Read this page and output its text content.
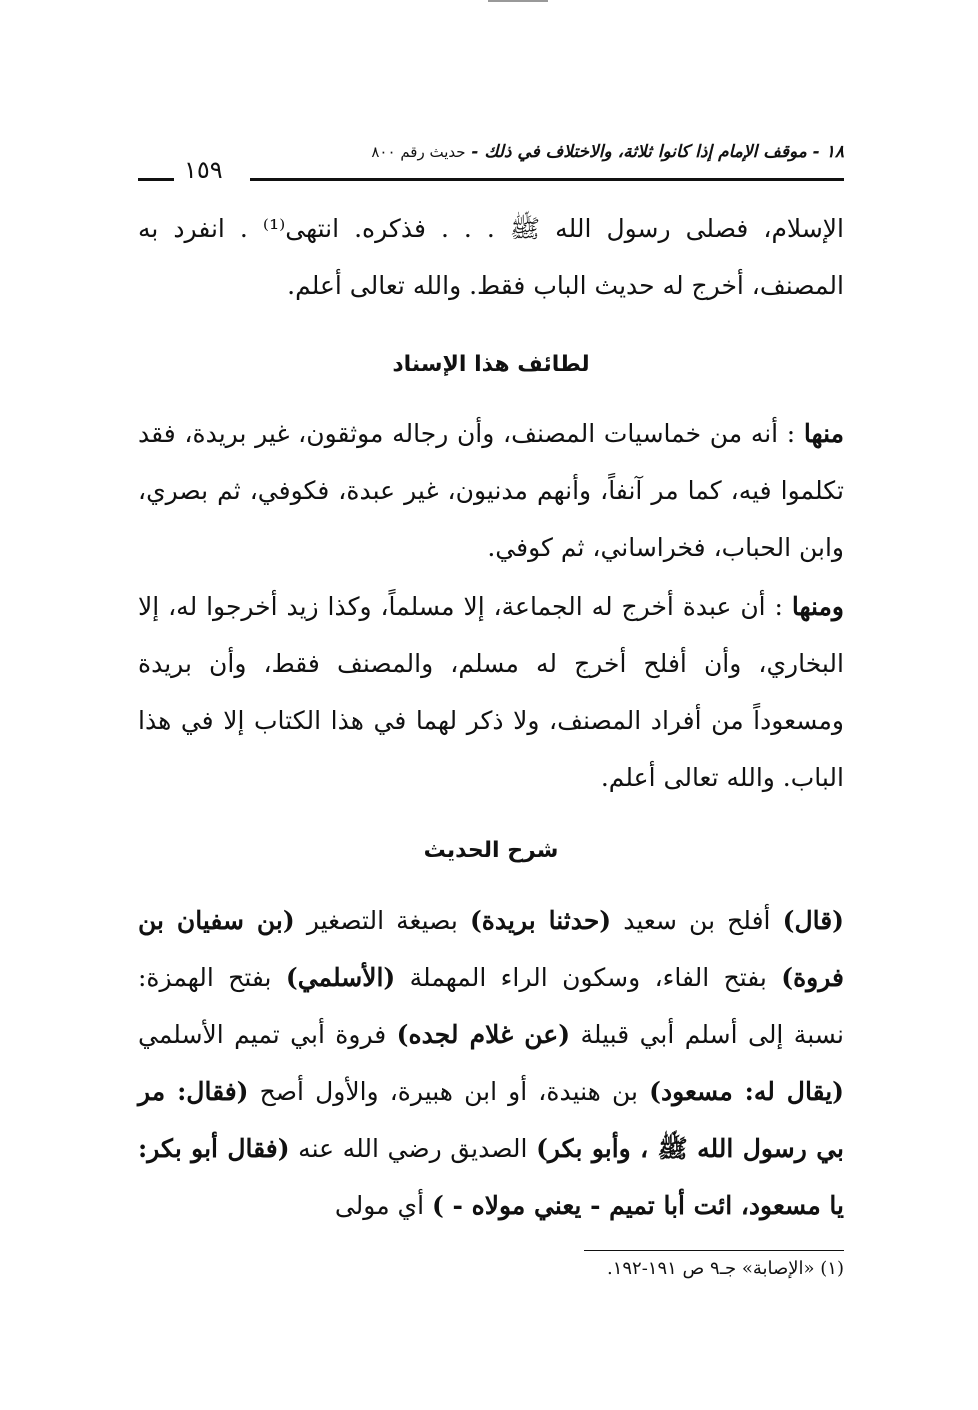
١٨ - موقف الإمام إذا كانوا ثلاثة، والاختلاف في ذلك - حديث رقم ٨٠٠
١٥٩

الإسلام، فصلى رسول الله ﷺ . . . فذكره. انتهى⁽¹⁾ . انفرد به المصنف، أخرج له حديث الباب فقط. والله تعالى أعلم.

لطائف هذا الإسناد

منها : أنه من خماسيات المصنف، وأن رجاله موثقون، غير بريدة، فقد تكلموا فيه، كما مر آنفاً، وأنهم مدنيون، غير عبدة، فكوفي، ثم بصري، وابن الحباب، فخراساني، ثم كوفي.

ومنها : أن عبدة أخرج له الجماعة، إلا مسلماً، وكذا زيد أخرجوا له، إلا البخاري، وأن أفلح أخرج له مسلم، والمصنف فقط، وأن بريدة ومسعوداً من أفراد المصنف، ولا ذكر لهما في هذا الكتاب إلا في هذا الباب. والله تعالى أعلم.

شرح الحديث

(قال) أفلح بن سعيد (حدثنا بريدة) بصيغة التصغير (بن سفيان بن فروة) بفتح الفاء، وسكون الراء المهملة (الأسلمي) بفتح الهمزة: نسبة إلى أسلم أبي قبيلة (عن غلام لجده) فروة أبي تميم الأسلمي (يقال له: مسعود) بن هنيدة، أو ابن هبيرة، والأول أصح (فقال: مر بي رسول الله ﷺ ، وأبو بكر) الصديق رضي الله عنه (فقال أبو بكر: يا مسعود، ائت أبا تميم - يعني مولاه - ) أي مولى

(١) «الإصابة» جـ٩ ص ١٩١-١٩٢.
